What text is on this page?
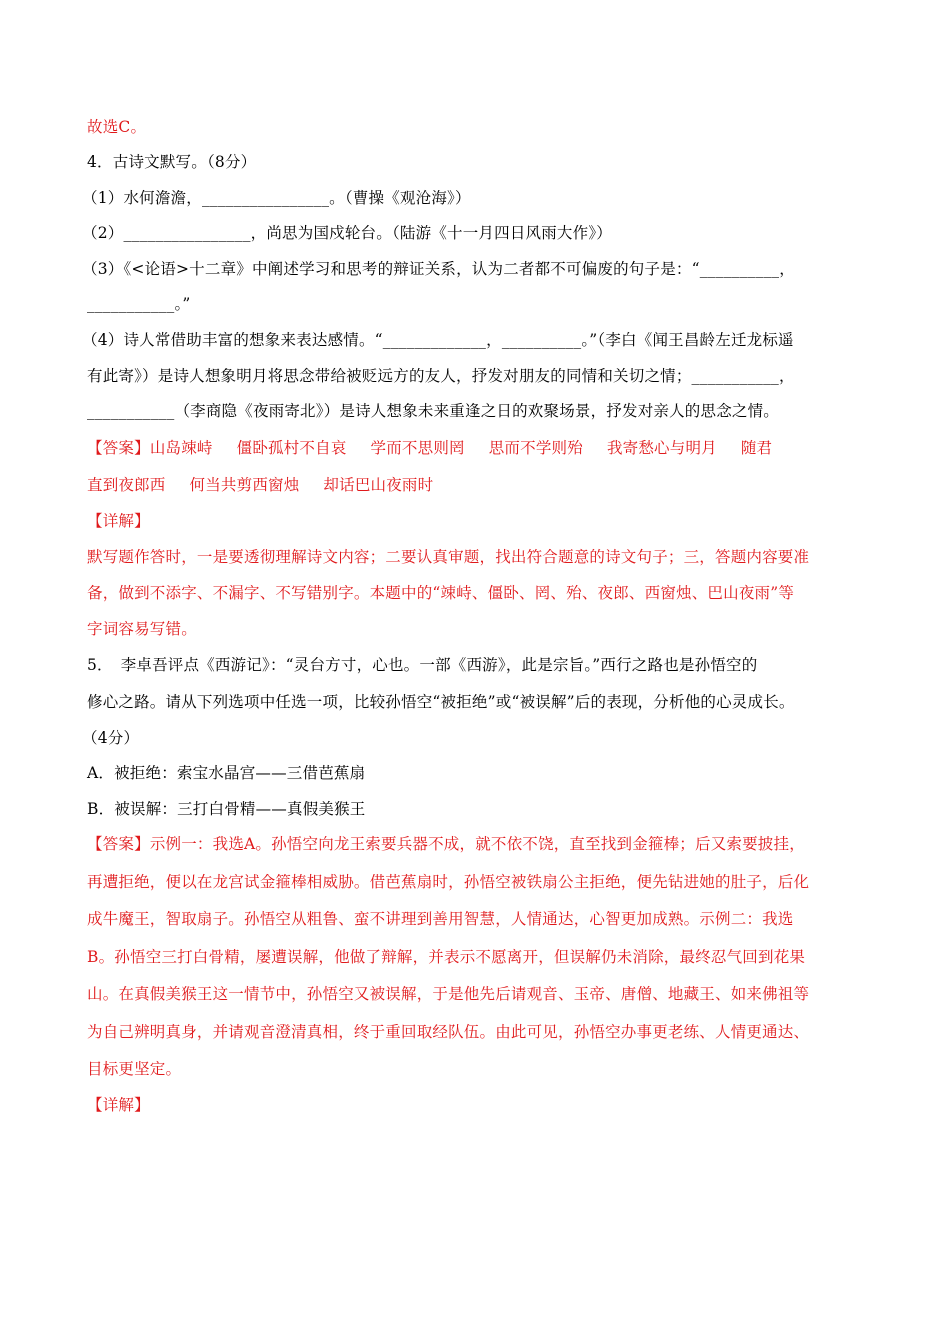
故选C。
4．古诗文默写。（8分）
（1）水何澹澹，________________。（曹操《观沧海》）
（2）________________，尚思为国戍轮台。（陆游《十一月四日风雨大作》）
（3）《<论语>十二章》中阐述学习和思考的辩证关系，认为二者都不可偏废的句子是：“__________，
___________。”
（4）诗人常借助丰富的想象来表达感情。“_____________，__________。”（李白《闻王昌龄左迁龙标遥
有此寄》）是诗人想象明月将思念带给被贬远方的友人，抒发对朋友的同情和关切之情；___________，
___________（李商隐《夜雨寄北》）是诗人想象未来重逢之日的欢聚场景，抒发对亲人的思念之情。
【答案】山岛竦峙 僵卧孤村不自哀 学而不思则罔 思而不学则殆 我寄愁心与明月 随君
直到夜郎西 何当共剪西窗烛 却话巴山夜雨时
【详解】
默写题作答时，一是要透彻理解诗文内容；二要认真审题，找出符合题意的诗文句子；三，答题内容要准
备，做到不添字、不漏字、不写错别字。本题中的“竦峙、僵卧、罔、殆、夜郎、西窗烛、巴山夜雨”等
字词容易写错。
5．　李卓吾评点《西游记》：“灵台方寸，心也。一部《西游》，此是宗旨。”西行之路也是孙悟空的
修心之路。请从下列选项中任选一项，比较孙悟空“被拒绝”或“被误解”后的表现，分析他的心灵成长。
（4分）
A．被拒绝：索宝水晶宫——三借芭蕉扇
B．被误解：三打白骨精——真假美猴王
【答案】示例一：我选A。孙悟空向龙王索要兵器不成，就不依不饶，直至找到金箍棒；后又索要披挂，
再遭拒绝，便以在龙宫试金箍棒相威胁。借芭蕉扇时，孙悟空被铁扇公主拒绝，便先钻进她的肚子，后化
成牛魔王，智取扇子。孙悟空从粗鲁、蛮不讲理到善用智慧，人情通达，心智更加成熟。示例二：我选
B。孙悟空三打白骨精，屡遭误解，他做了辩解，并表示不愿离开，但误解仍未消除，最终忍气回到花果
山。在真假美猴王这一情节中，孙悟空又被误解，于是他先后请观音、玉帝、唐僧、地藏王、如来佛祖等
为自己辨明真身，并请观音澄清真相，终于重回取经队伍。由此可见，孙悟空办事更老练、人情更通达、
目标更坚定。
【详解】
